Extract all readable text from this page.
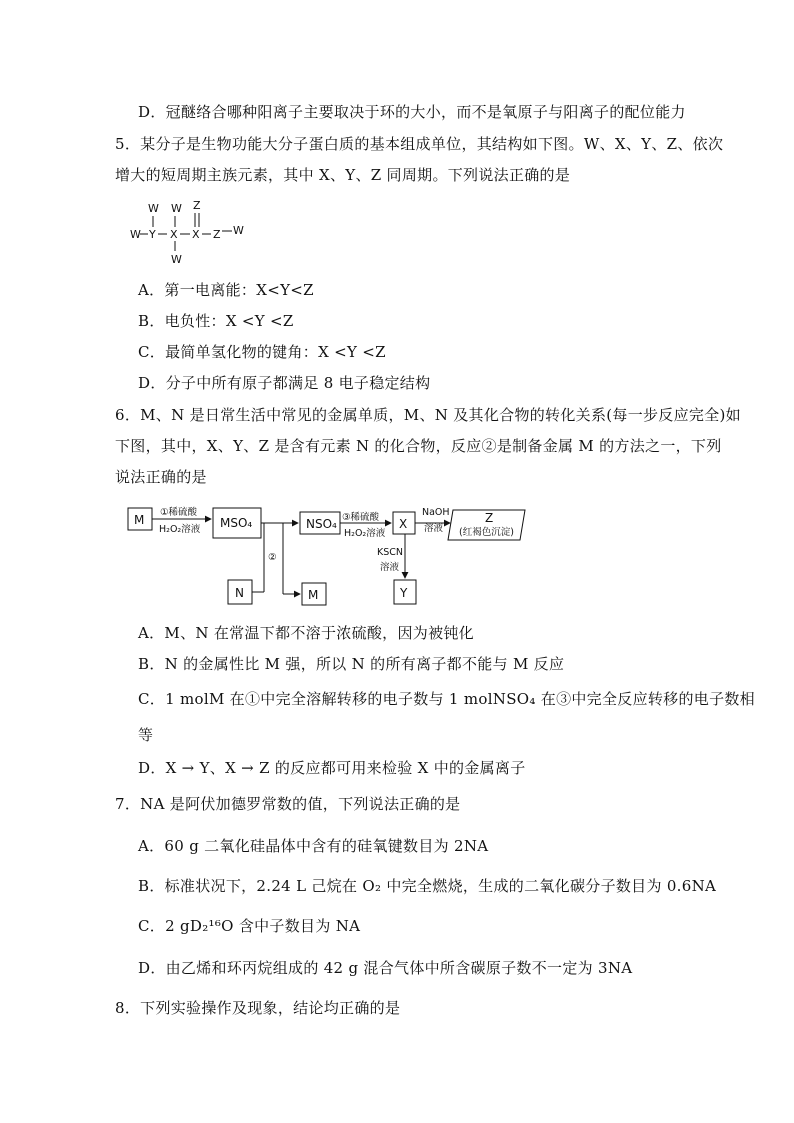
D．冠醚络合哪种阳离子主要取决于环的大小，而不是氧原子与阳离子的配位能力
5．某分子是生物功能大分子蛋白质的基本组成单位，其结构如下图。W、X、Y、Z、依次
增大的短周期主族元素，其中 X、Y、Z 同周期。下列说法正确的是
W W Z
W Y X
W
X Z W
A．第一电离能：X<Y<Z
B．电负性：X <Y <Z
C．最简单氢化物的键角：X <Y <Z
D．分子中所有原子都满足 8 电子稳定结构
6．M、N 是日常生活中常见的金属单质，M、N 及其化合物的转化关系(每一步反应完全)如
下图，其中，X、Y、Z 是含有元素 N 的化合物，反应②是制备金属 M 的方法之一，下列
说法正确的是
M	MSO₄
N
NSO₄
M
X
Y
Z
①稀硫酸
H₂O₂溶液
②
③稀硫酸
H₂O₂溶液
NaOH
溶液 (红褐色沉淀)
KSCN
溶液
A．M、N 在常温下都不溶于浓硫酸，因为被钝化
B．N 的金属性比 M 强，所以 N 的所有离子都不能与 M 反应
C．1 molM 在①中完全溶解转移的电子数与 1 molNSO₄ 在③中完全反应转移的电子数相
等
D．X → Y、X → Z 的反应都可用来检验 X 中的金属离子
7．NA 是阿伏加德罗常数的值，下列说法正确的是
A．60 g 二氧化硅晶体中含有的硅氧键数目为 2NA
B．标准状况下，2.24 L 己烷在 O₂ 中完全燃烧，生成的二氧化碳分子数目为 0.6NA
C．2 gD₂¹⁶O 含中子数目为 NA
D．由乙烯和环丙烷组成的 42 g 混合气体中所含碳原子数不一定为 3NA
8．下列实验操作及现象，结论均正确的是
